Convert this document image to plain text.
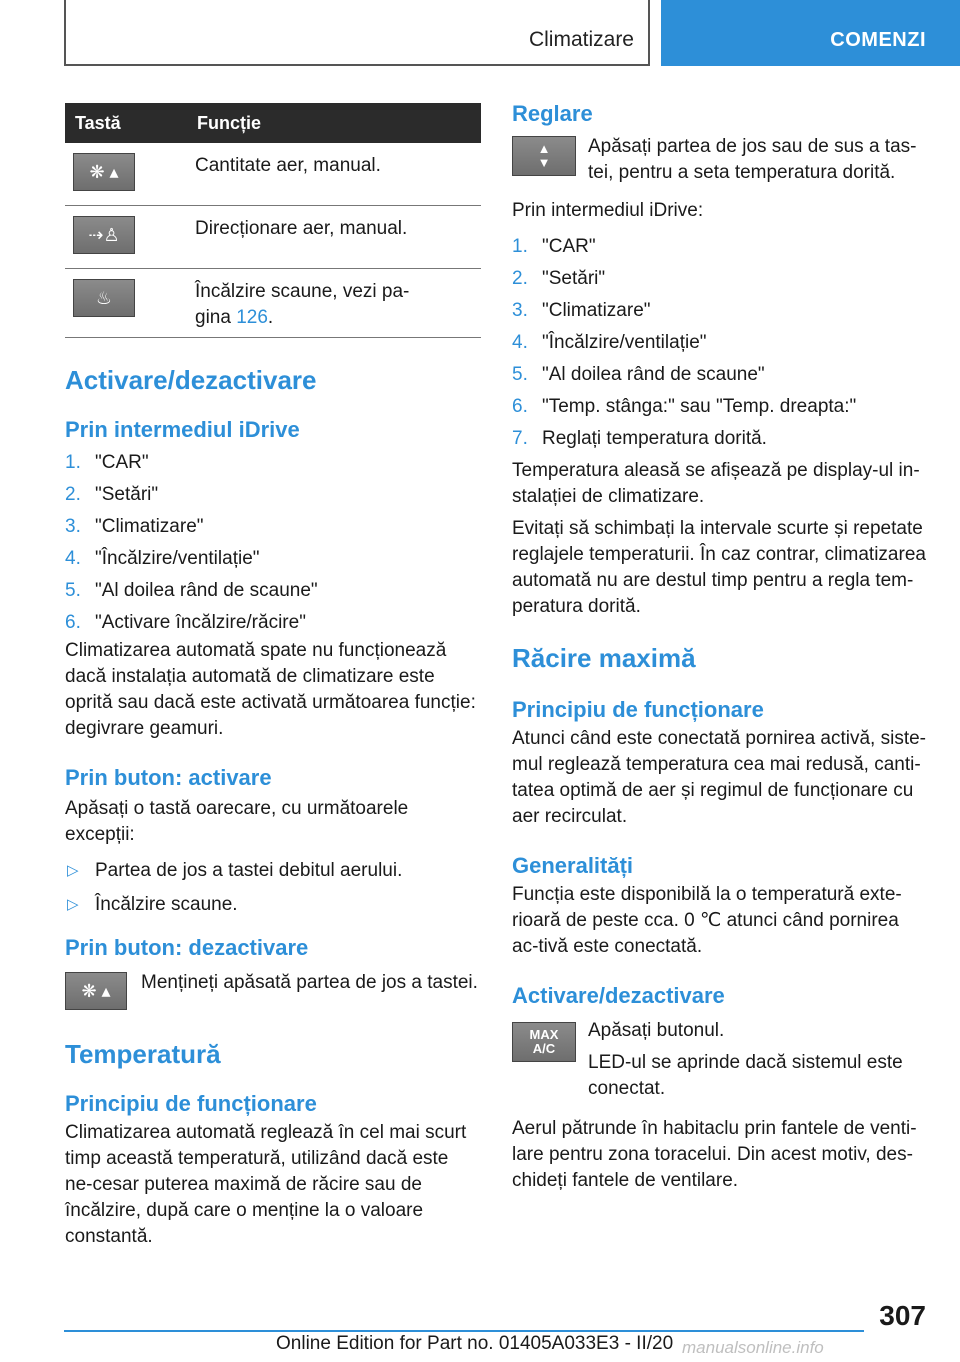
Climatizare	COMENZI
Tastă	Funcție

❋ ▴	Cantitate aer, manual.

⇢♙	Direcționare aer, manual.

♨	Încălzire scaune, vezi pa-
gina 126.
Activare/dezactivare
Prin intermediul iDrive
1. "CAR"
2. "Setări"
3. "Climatizare"
4. "Încălzire/ventilație"
5. "Al doilea rând de scaune"
6. "Activare încălzire/răcire"

Climatizarea automată spate nu funcționează dacă instalația automată de climatizare este oprită sau dacă este activată următoarea funcție: degivrare geamuri.

Prin buton: activare

Apăsați o tastă oarecare, cu următoarele excepții:

▷ Partea de jos a tastei debitul aerului.
▷ Încălzire scaune.
Prin buton: dezactivare
❋ ▴	Mențineți apăsată partea de jos a tastei.

Temperatură
Principiu de funcționare

Climatizarea automată reglează în cel mai scurt timp această temperatură, utilizând dacă este ne-cesar puterea maximă de răcire sau de încălzire, după care o menține la o valoare constantă.

Reglare
▲
▼

Apăsați partea de jos sau de sus a tas-tei, pentru a seta temperatura dorită.

Prin intermediul iDrive:

1. "CAR"
2. "Setări"
3. "Climatizare"
4. "Încălzire/ventilație"
5. "Al doilea rând de scaune"
6. "Temp. stânga:" sau "Temp. dreapta:"
7. Reglați temperatura dorită.

Temperatura aleasă se afișează pe display-ul in-stalației de climatizare.

Evitați să schimbați la intervale scurte și repetate reglajele temperaturii. În caz contrar, climatizarea automată nu are destul timp pentru a regla tem-peratura dorită.

Răcire maximă
Principiu de funcționare

Atunci când este conectată pornirea activă, siste-mul reglează temperatura cea mai redusă, canti-tatea optimă de aer și regimul de funcționare cu aer recirculat.

Generalități

Funcția este disponibilă la o temperatură exte-rioară de peste cca. 0 ℃ atunci când pornirea ac-tivă este conectată.

Activare/dezactivare
MAX
A/C

Apăsați butonul.

LED-ul se aprinde dacă sistemul este conectat.

Aerul pătrunde în habitaclu prin fantele de venti-lare pentru zona toracelui. Din acest motiv, des-chideți fantele de ventilare.

307
Online Edition for Part no. 01405A033E3 - II/20 manualsonline.info
